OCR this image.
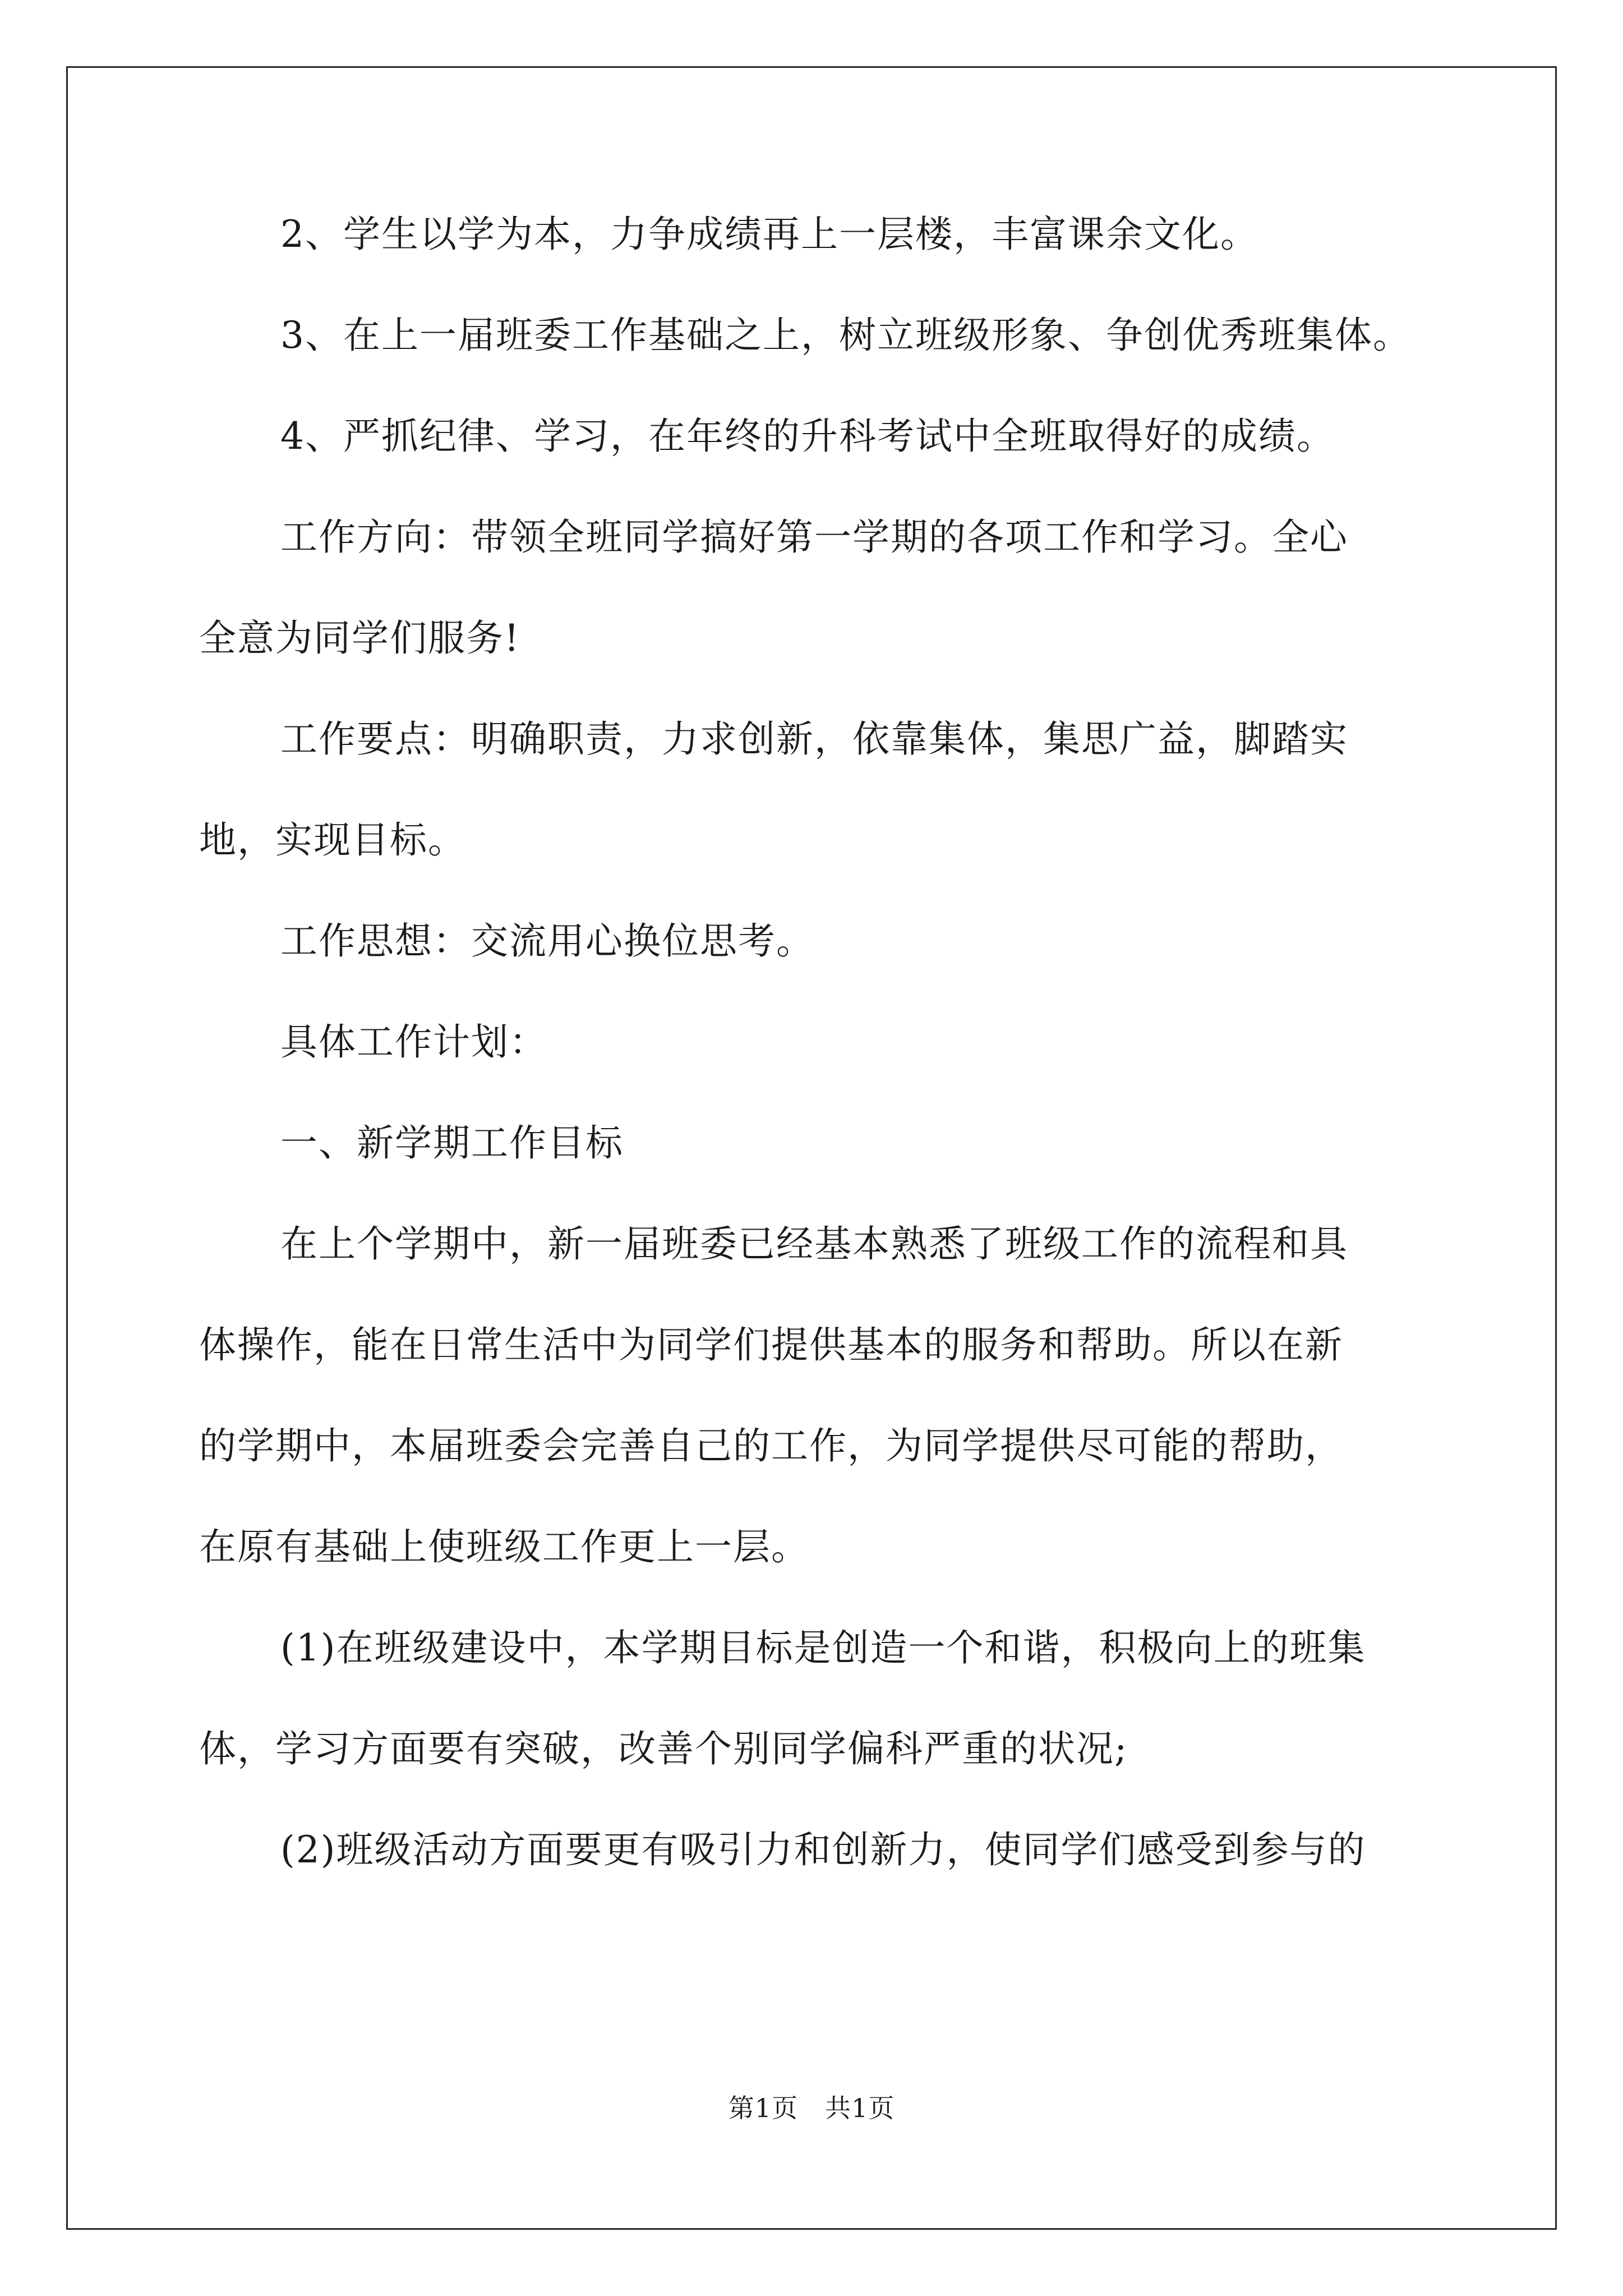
2、学生以学为本，力争成绩再上一层楼，丰富课余文化。
3、在上一届班委工作基础之上，树立班级形象、争创优秀班集体。
4、严抓纪律、学习，在年终的升科考试中全班取得好的成绩。
工作方向：带领全班同学搞好第一学期的各项工作和学习。全心
全意为同学们服务!
工作要点：明确职责，力求创新，依靠集体，集思广益，脚踏实
地，实现目标。
工作思想：交流用心换位思考。
具体工作计划：
一、新学期工作目标
在上个学期中，新一届班委已经基本熟悉了班级工作的流程和具
体操作，能在日常生活中为同学们提供基本的服务和帮助。所以在新
的学期中，本届班委会完善自己的工作，为同学提供尽可能的帮助，
在原有基础上使班级工作更上一层。
(1)在班级建设中，本学期目标是创造一个和谐，积极向上的班集
体，学习方面要有突破，改善个别同学偏科严重的状况;
(2)班级活动方面要更有吸引力和创新力，使同学们感受到参与的
第1页 共1页
